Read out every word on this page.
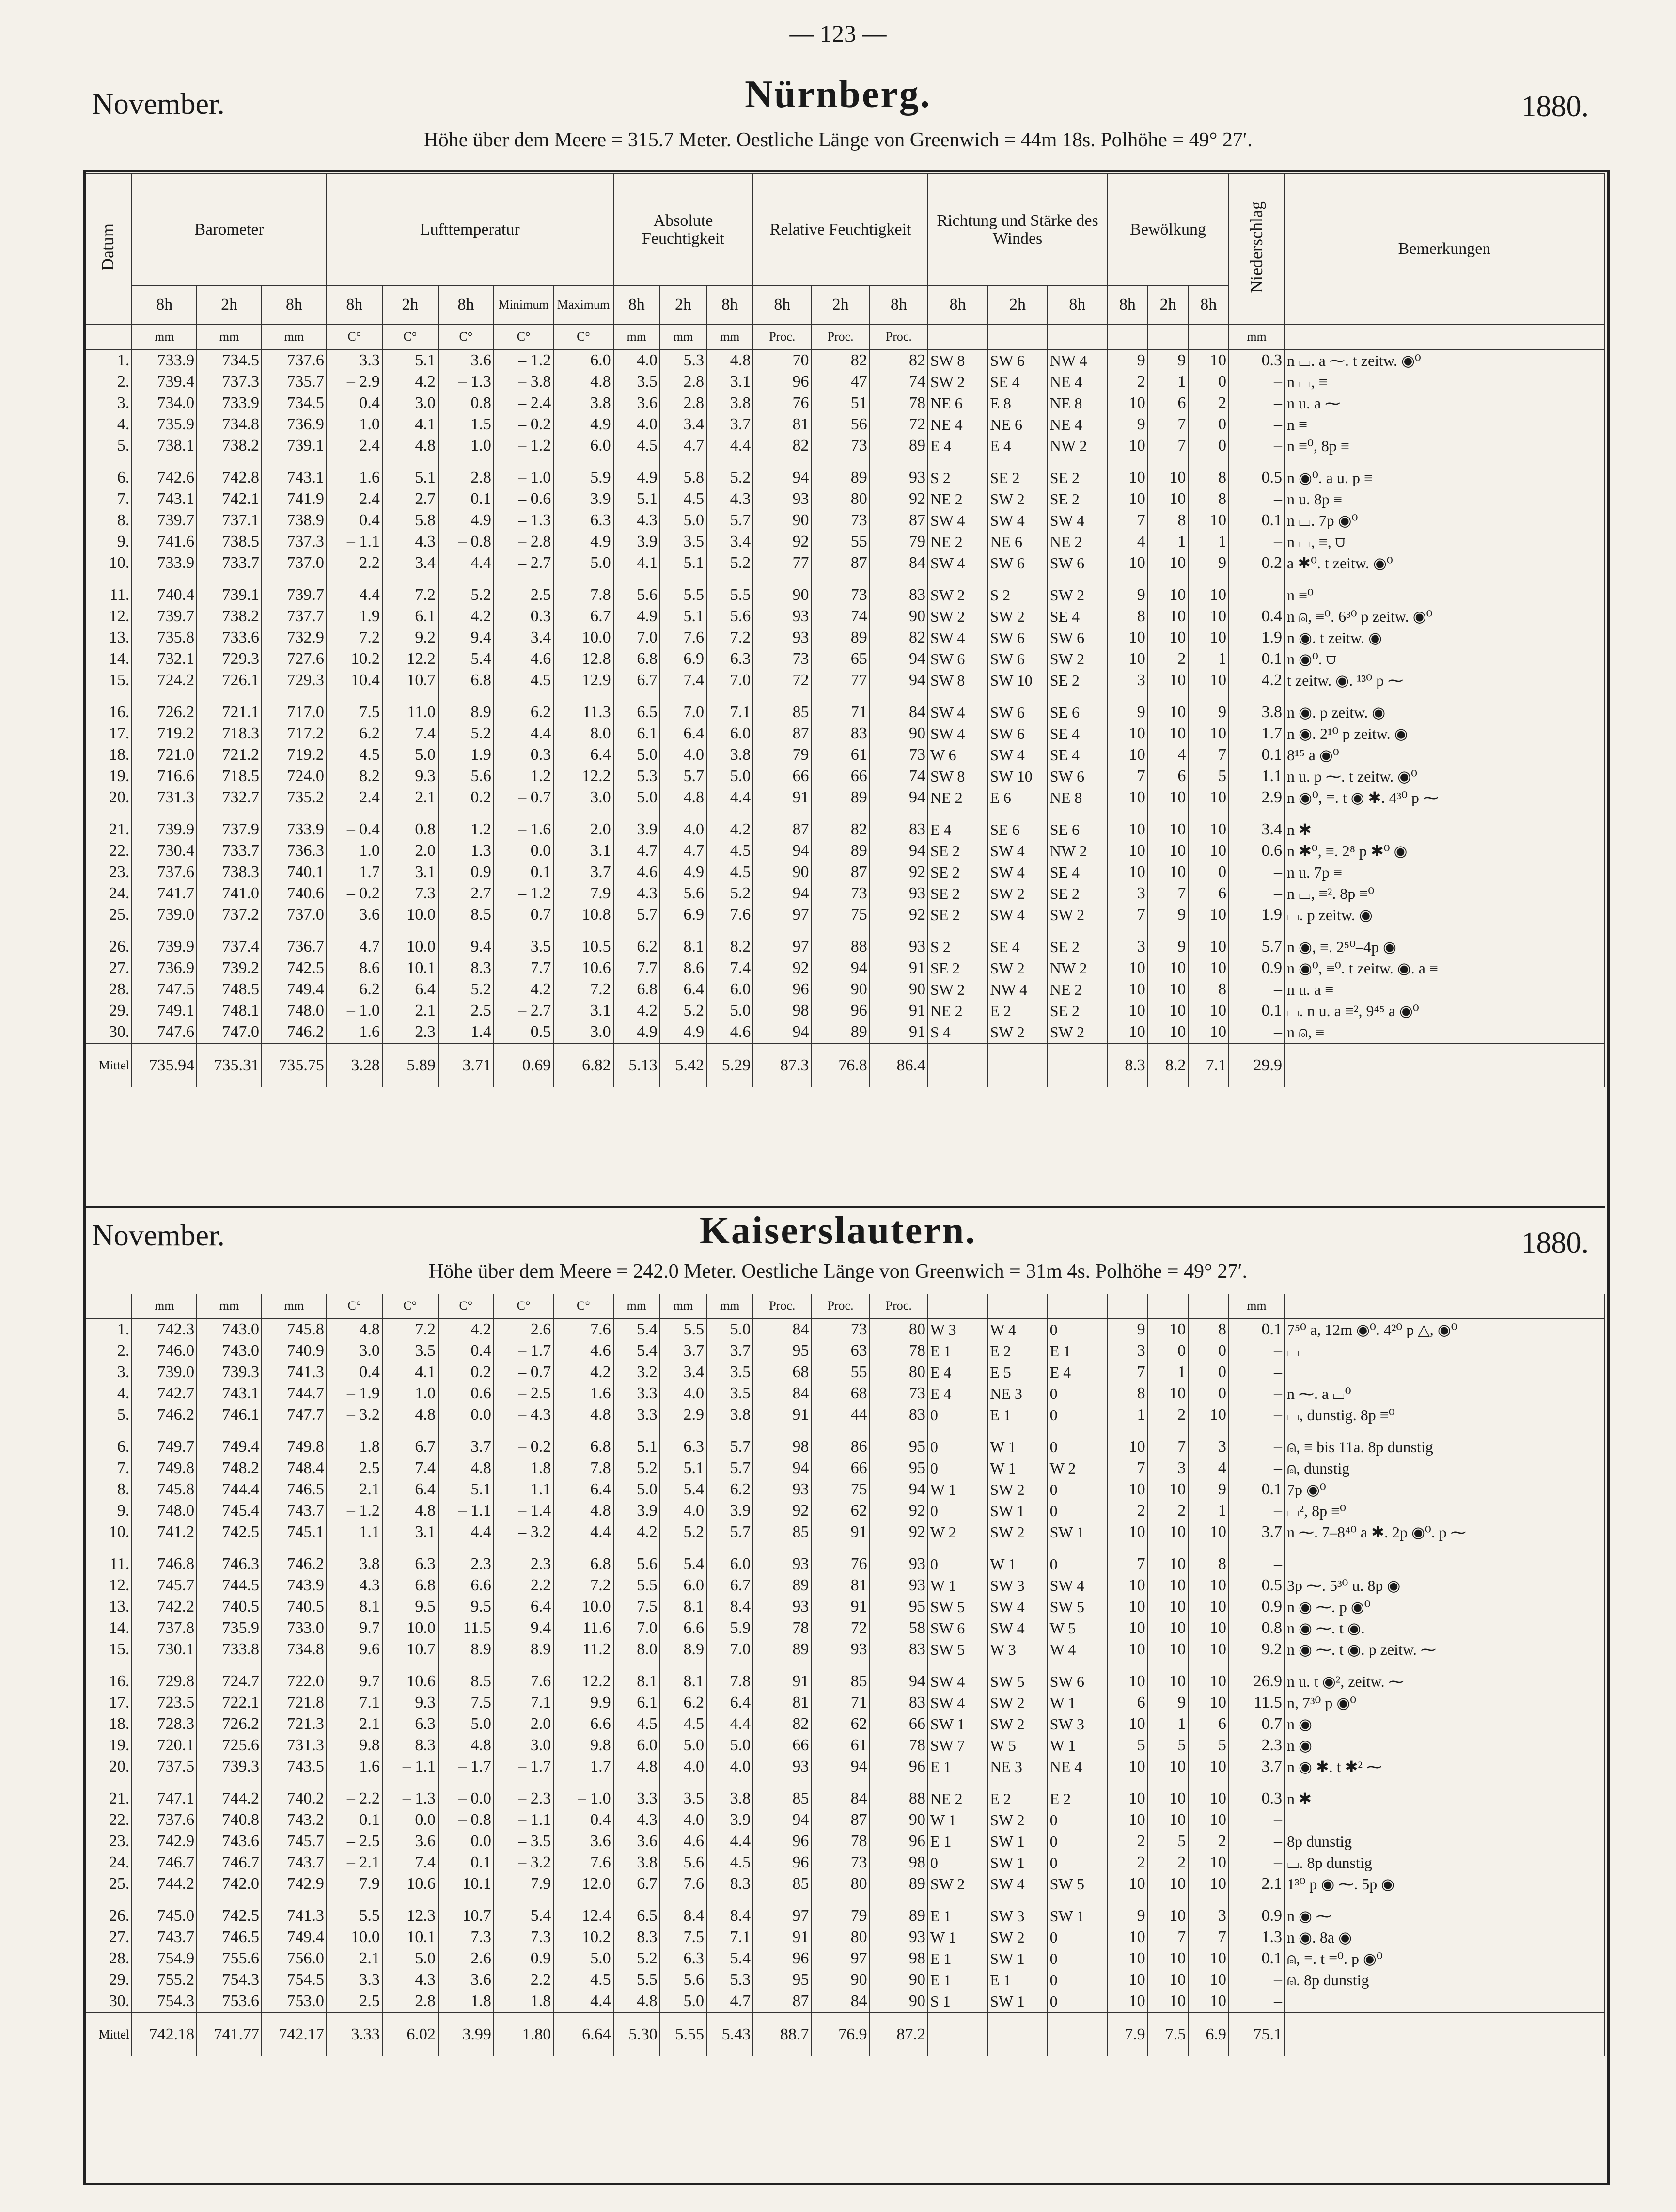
— 123 —
November.	Nürnberg.	1880.
Höhe über dem Meere = 315.7 Meter. Oestliche Länge von Greenwich = 44m 18s. Polhöhe = 49° 27′.
Datum	Barometer			Lufttemperatur					Absolute Feuchtigkeit			Relative Feuchtigkeit			Richtung und Stärke des Windes			Bewölkung			Niederschlag	Bemerkungen
	8h	2h	8h	8h	2h	8h	Minimum	Maximum	8h	2h	8h	8h	2h	8h	8h	2h	8h	8h	2h	8h		
	mm	mm	mm	C°	C°	C°	C°	C°	mm	mm	mm	Proc.	Proc.	Proc.							mm	
1.	733.9	734.5	737.6	3.3	5.1	3.6	– 1.2	6.0	4.0	5.3	4.8	70	82	82	SW 8	SW 6	NW 4	9	9	10	0.3	n ⌴. a ⁓. t zeitw. ◉⁰
2.	739.4	737.3	735.7	– 2.9	4.2	– 1.3	– 3.8	4.8	3.5	2.8	3.1	96	47	74	SW 2	SE 4	NE 4	2	1	0	–	n ⌴, ≡
3.	734.0	733.9	734.5	0.4	3.0	0.8	– 2.4	3.8	3.6	2.8	3.8	76	51	78	NE 6	E 8	NE 8	10	6	2	–	n u. a ⁓
4.	735.9	734.8	736.9	1.0	4.1	1.5	– 0.2	4.9	4.0	3.4	3.7	81	56	72	NE 4	NE 6	NE 4	9	7	0	–	n ≡
5.	738.1	738.2	739.1	2.4	4.8	1.0	– 1.2	6.0	4.5	4.7	4.4	82	73	89	E 4	E 4	NW 2	10	7	0	–	n ≡⁰, 8p ≡

6.	742.6	742.8	743.1	1.6	5.1	2.8	– 1.0	5.9	4.9	5.8	5.2	94	89	93	S 2	SE 2	SE 2	10	10	8	0.5	n ◉⁰. a u. p ≡
7.	743.1	742.1	741.9	2.4	2.7	0.1	– 0.6	3.9	5.1	4.5	4.3	93	80	92	NE 2	SW 2	SE 2	10	10	8	–	n u. 8p ≡
8.	739.7	737.1	738.9	0.4	5.8	4.9	– 1.3	6.3	4.3	5.0	5.7	90	73	87	SW 4	SW 4	SW 4	7	8	10	0.1	n ⌴. 7p ◉⁰
9.	741.6	738.5	737.3	– 1.1	4.3	– 0.8	– 2.8	4.9	3.9	3.5	3.4	92	55	79	NE 2	NE 6	NE 2	4	1	1	–	n ⌴, ≡, ⩌
10.	733.9	733.7	737.0	2.2	3.4	4.4	– 2.7	5.0	4.1	5.1	5.2	77	87	84	SW 4	SW 6	SW 6	10	10	9	0.2	a ✱⁰. t zeitw. ◉⁰

11.	740.4	739.1	739.7	4.4	7.2	5.2	2.5	7.8	5.6	5.5	5.5	90	73	83	SW 2	S 2	SW 2	9	10	10	–	n ≡⁰
12.	739.7	738.2	737.7	1.9	6.1	4.2	0.3	6.7	4.9	5.1	5.6	93	74	90	SW 2	SW 2	SE 4	8	10	10	0.4	n ⍝, ≡⁰. 6³⁰ p zeitw. ◉⁰
13.	735.8	733.6	732.9	7.2	9.2	9.4	3.4	10.0	7.0	7.6	7.2	93	89	82	SW 4	SW 6	SW 6	10	10	10	1.9	n ◉. t zeitw. ◉
14.	732.1	729.3	727.6	10.2	12.2	5.4	4.6	12.8	6.8	6.9	6.3	73	65	94	SW 6	SW 6	SW 2	10	2	1	0.1	n ◉⁰. ⩌
15.	724.2	726.1	729.3	10.4	10.7	6.8	4.5	12.9	6.7	7.4	7.0	72	77	94	SW 8	SW 10	SE 2	3	10	10	4.2	t zeitw. ◉. ¹³⁰ p ⁓

16.	726.2	721.1	717.0	7.5	11.0	8.9	6.2	11.3	6.5	7.0	7.1	85	71	84	SW 4	SW 6	SE 6	9	10	9	3.8	n ◉. p zeitw. ◉
17.	719.2	718.3	717.2	6.2	7.4	5.2	4.4	8.0	6.1	6.4	6.0	87	83	90	SW 4	SW 6	SE 4	10	10	10	1.7	n ◉. 2¹⁰ p zeitw. ◉
18.	721.0	721.2	719.2	4.5	5.0	1.9	0.3	6.4	5.0	4.0	3.8	79	61	73	W 6	SW 4	SE 4	10	4	7	0.1	8¹⁵ a ◉⁰
19.	716.6	718.5	724.0	8.2	9.3	5.6	1.2	12.2	5.3	5.7	5.0	66	66	74	SW 8	SW 10	SW 6	7	6	5	1.1	n u. p ⁓. t zeitw. ◉⁰
20.	731.3	732.7	735.2	2.4	2.1	0.2	– 0.7	3.0	5.0	4.8	4.4	91	89	94	NE 2	E 6	NE 8	10	10	10	2.9	n ◉⁰, ≡. t ◉ ✱. 4³⁰ p ⁓

21.	739.9	737.9	733.9	– 0.4	0.8	1.2	– 1.6	2.0	3.9	4.0	4.2	87	82	83	E 4	SE 6	SE 6	10	10	10	3.4	n ✱
22.	730.4	733.7	736.3	1.0	2.0	1.3	0.0	3.1	4.7	4.7	4.5	94	89	94	SE 2	SW 4	NW 2	10	10	10	0.6	n ✱⁰, ≡. 2⁸ p ✱⁰ ◉
23.	737.6	738.3	740.1	1.7	3.1	0.9	0.1	3.7	4.6	4.9	4.5	90	87	92	SE 2	SW 4	SE 4	10	10	0	–	n u. 7p ≡
24.	741.7	741.0	740.6	– 0.2	7.3	2.7	– 1.2	7.9	4.3	5.6	5.2	94	73	93	SE 2	SW 2	SE 2	3	7	6	–	n ⌴, ≡². 8p ≡⁰
25.	739.0	737.2	737.0	3.6	10.0	8.5	0.7	10.8	5.7	6.9	7.6	97	75	92	SE 2	SW 4	SW 2	7	9	10	1.9	⌴. p zeitw. ◉

26.	739.9	737.4	736.7	4.7	10.0	9.4	3.5	10.5	6.2	8.1	8.2	97	88	93	S 2	SE 4	SE 2	3	9	10	5.7	n ◉, ≡. 2⁵⁰–4p ◉
27.	736.9	739.2	742.5	8.6	10.1	8.3	7.7	10.6	7.7	8.6	7.4	92	94	91	SE 2	SW 2	NW 2	10	10	10	0.9	n ◉⁰, ≡⁰. t zeitw. ◉. a ≡
28.	747.5	748.5	749.4	6.2	6.4	5.2	4.2	7.2	6.8	6.4	6.0	96	90	90	SW 2	NW 4	NE 2	10	10	8	–	n u. a ≡
29.	749.1	748.1	748.0	– 1.0	2.1	2.5	– 2.7	3.1	4.2	5.2	5.0	98	96	91	NE 2	E 2	SE 2	10	10	10	0.1	⌴. n u. a ≡², 9⁴⁵ a ◉⁰
30.	747.6	747.0	746.2	1.6	2.3	1.4	0.5	3.0	4.9	4.9	4.6	94	89	91	S 4	SW 2	SW 2	10	10	10	–	n ⍝, ≡
Mittel	735.94	735.31	735.75	3.28	5.89	3.71	0.69	6.82	5.13	5.42	5.29	87.3	76.8	86.4				8.3	8.2	7.1	29.9	
November.	Kaiserslautern.	1880.
Höhe über dem Meere = 242.0 Meter. Oestliche Länge von Greenwich = 31m 4s. Polhöhe = 49° 27′.
	mm	mm	mm	C°	C°	C°	C°	C°	mm	mm	mm	Proc.	Proc.	Proc.							mm	
1.	742.3	743.0	745.8	4.8	7.2	4.2	2.6	7.6	5.4	5.5	5.0	84	73	80	W 3	W 4	0	9	10	8	0.1	7⁵⁰ a, 12m ◉⁰. 4²⁰ p △, ◉⁰
2.	746.0	743.0	740.9	3.0	3.5	0.4	– 1.7	4.6	5.4	3.7	3.7	95	63	78	E 1	E 2	E 1	3	0	0	–	⌴
3.	739.0	739.3	741.3	0.4	4.1	0.2	– 0.7	4.2	3.2	3.4	3.5	68	55	80	E 4	E 5	E 4	7	1	0	–	
4.	742.7	743.1	744.7	– 1.9	1.0	0.6	– 2.5	1.6	3.3	4.0	3.5	84	68	73	E 4	NE 3	0	8	10	0	–	n ⁓. a ⌴⁰
5.	746.2	746.1	747.7	– 3.2	4.8	0.0	– 4.3	4.8	3.3	2.9	3.8	91	44	83	0	E 1	0	1	2	10	–	⌴, dunstig. 8p ≡⁰

6.	749.7	749.4	749.8	1.8	6.7	3.7	– 0.2	6.8	5.1	6.3	5.7	98	86	95	0	W 1	0	10	7	3	–	⍝, ≡ bis 11a. 8p dunstig
7.	749.8	748.2	748.4	2.5	7.4	4.8	1.8	7.8	5.2	5.1	5.7	94	66	95	0	W 1	W 2	7	3	4	–	⍝, dunstig
8.	745.8	744.4	746.5	2.1	6.4	5.1	1.1	6.4	5.0	5.4	6.2	93	75	94	W 1	SW 2	0	10	10	9	0.1	7p ◉⁰
9.	748.0	745.4	743.7	– 1.2	4.8	– 1.1	– 1.4	4.8	3.9	4.0	3.9	92	62	92	0	SW 1	0	2	2	1	–	⌴², 8p ≡⁰
10.	741.2	742.5	745.1	1.1	3.1	4.4	– 3.2	4.4	4.2	5.2	5.7	85	91	92	W 2	SW 2	SW 1	10	10	10	3.7	n ⁓. 7–8⁴⁰ a ✱. 2p ◉⁰. p ⁓

11.	746.8	746.3	746.2	3.8	6.3	2.3	2.3	6.8	5.6	5.4	6.0	93	76	93	0	W 1	0	7	10	8	–	
12.	745.7	744.5	743.9	4.3	6.8	6.6	2.2	7.2	5.5	6.0	6.7	89	81	93	W 1	SW 3	SW 4	10	10	10	0.5	3p ⁓. 5³⁰ u. 8p ◉
13.	742.2	740.5	740.5	8.1	9.5	9.5	6.4	10.0	7.5	8.1	8.4	93	91	95	SW 5	SW 4	SW 5	10	10	10	0.9	n ◉ ⁓. p ◉⁰
14.	737.8	735.9	733.0	9.7	10.0	11.5	9.4	11.6	7.0	6.6	5.9	78	72	58	SW 6	SW 4	W 5	10	10	10	0.8	n ◉ ⁓. t ◉.
15.	730.1	733.8	734.8	9.6	10.7	8.9	8.9	11.2	8.0	8.9	7.0	89	93	83	SW 5	W 3	W 4	10	10	10	9.2	n ◉ ⁓. t ◉. p zeitw. ⁓

16.	729.8	724.7	722.0	9.7	10.6	8.5	7.6	12.2	8.1	8.1	7.8	91	85	94	SW 4	SW 5	SW 6	10	10	10	26.9	n u. t ◉², zeitw. ⁓
17.	723.5	722.1	721.8	7.1	9.3	7.5	7.1	9.9	6.1	6.2	6.4	81	71	83	SW 4	SW 2	W 1	6	9	10	11.5	n, 7³⁰ p ◉⁰
18.	728.3	726.2	721.3	2.1	6.3	5.0	2.0	6.6	4.5	4.5	4.4	82	62	66	SW 1	SW 2	SW 3	10	1	6	0.7	n ◉
19.	720.1	725.6	731.3	9.8	8.3	4.8	3.0	9.8	6.0	5.0	5.0	66	61	78	SW 7	W 5	W 1	5	5	5	2.3	n ◉
20.	737.5	739.3	743.5	1.6	– 1.1	– 1.7	– 1.7	1.7	4.8	4.0	4.0	93	94	96	E 1	NE 3	NE 4	10	10	10	3.7	n ◉ ✱. t ✱² ⁓

21.	747.1	744.2	740.2	– 2.2	– 1.3	– 0.0	– 2.3	– 1.0	3.3	3.5	3.8	85	84	88	NE 2	E 2	E 2	10	10	10	0.3	n ✱
22.	737.6	740.8	743.2	0.1	0.0	– 0.8	– 1.1	0.4	4.3	4.0	3.9	94	87	90	W 1	SW 2	0	10	10	10	–	
23.	742.9	743.6	745.7	– 2.5	3.6	0.0	– 3.5	3.6	3.6	4.6	4.4	96	78	96	E 1	SW 1	0	2	5	2	–	8p dunstig
24.	746.7	746.7	743.7	– 2.1	7.4	0.1	– 3.2	7.6	3.8	5.6	4.5	96	73	98	0	SW 1	0	2	2	10	–	⌴. 8p dunstig
25.	744.2	742.0	742.9	7.9	10.6	10.1	7.9	12.0	6.7	7.6	8.3	85	80	89	SW 2	SW 4	SW 5	10	10	10	2.1	1³⁰ p ◉ ⁓. 5p ◉

26.	745.0	742.5	741.3	5.5	12.3	10.7	5.4	12.4	6.5	8.4	8.4	97	79	89	E 1	SW 3	SW 1	9	10	3	0.9	n ◉ ⁓
27.	743.7	746.5	749.4	10.0	10.1	7.3	7.3	10.2	8.3	7.5	7.1	91	80	93	W 1	SW 2	0	10	7	7	1.3	n ◉. 8a ◉
28.	754.9	755.6	756.0	2.1	5.0	2.6	0.9	5.0	5.2	6.3	5.4	96	97	98	E 1	SW 1	0	10	10	10	0.1	⍝, ≡. t ≡⁰. p ◉⁰
29.	755.2	754.3	754.5	3.3	4.3	3.6	2.2	4.5	5.5	5.6	5.3	95	90	90	E 1	E 1	0	10	10	10	–	⍝. 8p dunstig
30.	754.3	753.6	753.0	2.5	2.8	1.8	1.8	4.4	4.8	5.0	4.7	87	84	90	S 1	SW 1	0	10	10	10	–	
Mittel	742.18	741.77	742.17	3.33	6.02	3.99	1.80	6.64	5.30	5.55	5.43	88.7	76.9	87.2				7.9	7.5	6.9	75.1	
